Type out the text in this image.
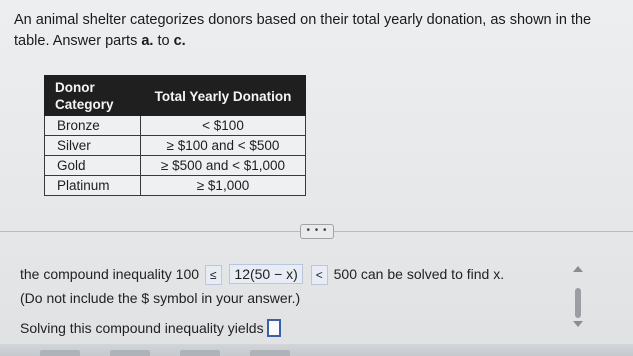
An animal shelter categorizes donors based on their total yearly donation, as shown in the table. Answer parts a. to c.
Donor Category	Total Yearly Donation
Bronze	< $100
Silver	≥ $100 and < $500
Gold	≥ $500 and < $1,000
Platinum	≥ $1,000
• • •
the compound inequality 100 ≤ 12(50 − x) < 500 can be solved to find x.
(Do not include the $ symbol in your answer.)
Solving this compound inequality yields
